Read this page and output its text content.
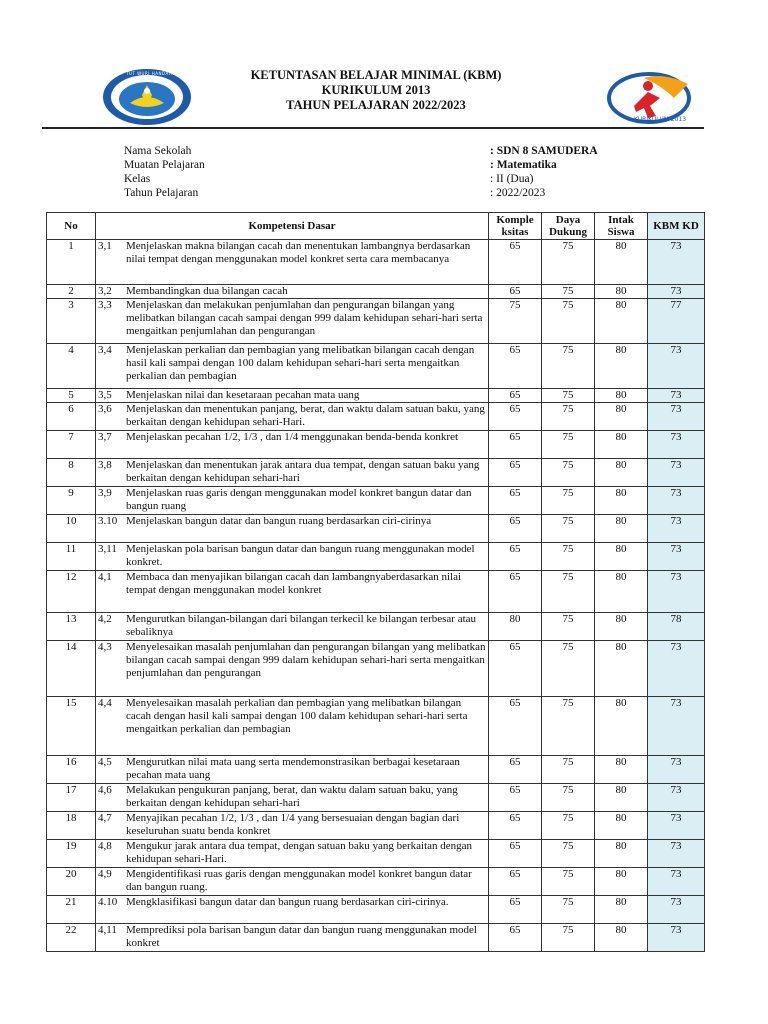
TUT WURI HANDAYANI	KETUNTASAN BELAJAR MINIMAL (KBM)
KURIKULUM 2013
TAHUN PELAJARAN 2022/2023
KURIKULUM 2013
Nama Sekolah	: SDN 8 SAMUDERA
Muatan Pelajaran	: Matematika
Kelas	: II (Dua)
Tahun Pelajaran	: 2022/2023
No	Kompetensi Dasar	Komple ksitas	Daya Dukung	Intak Siswa	KBM KD
1	3,1 Menjelaskan makna bilangan cacah dan menentukan lambangnya berdasarkan nilai tempat dengan menggunakan model konkret serta cara membacanya	65	75	80	73
2	3,2 Membandingkan dua bilangan cacah	65	75	80	73
3	3,3 Menjelaskan dan melakukan penjumlahan dan pengurangan bilangan yang melibatkan bilangan cacah sampai dengan 999 dalam kehidupan sehari-hari serta mengaitkan penjumlahan dan pengurangan	75	75	80	77
4	3,4 Menjelaskan perkalian dan pembagian yang melibatkan bilangan cacah dengan hasil kali sampai dengan 100 dalam kehidupan sehari-hari serta mengaitkan perkalian dan pembagian	65	75	80	73
5	3,5 Menjelaskan nilai dan kesetaraan pecahan mata uang	65	75	80	73
6	3,6 Menjelaskan dan menentukan panjang, berat, dan waktu dalam satuan baku, yang berkaitan dengan kehidupan sehari-Hari.	65	75	80	73
7	3,7 Menjelaskan pecahan 1/2, 1/3 , dan 1/4 menggunakan benda-benda konkret	65	75	80	73
8	3,8 Menjelaskan dan menentukan jarak antara dua tempat, dengan satuan baku yang berkaitan dengan kehidupan sehari-hari	65	75	80	73
9	3,9 Menjelaskan ruas garis dengan menggunakan model konkret bangun datar dan bangun ruang	65	75	80	73
10	3.10 Menjelaskan bangun datar dan bangun ruang berdasarkan ciri-cirinya	65	75	80	73
11	3,11 Menjelaskan pola barisan bangun datar dan bangun ruang menggunakan model konkret.	65	75	80	73
12	4,1 Membaca dan menyajikan bilangan cacah dan lambangnyaberdasarkan nilai tempat dengan menggunakan model konkret	65	75	80	73
13	4,2 Mengurutkan bilangan-bilangan dari bilangan terkecil ke bilangan terbesar atau sebaliknya	80	75	80	78
14	4,3 Menyelesaikan masalah penjumlahan dan pengurangan bilangan yang melibatkan bilangan cacah sampai dengan 999 dalam kehidupan sehari-hari serta mengaitkan penjumlahan dan pengurangan	65	75	80	73
15	4,4 Menyelesaikan masalah perkalian dan pembagian yang melibatkan bilangan cacah dengan hasil kali sampai dengan 100 dalam kehidupan sehari-hari serta mengaitkan perkalian dan pembagian	65	75	80	73
16	4,5 Mengurutkan nilai mata uang serta mendemonstrasikan berbagai kesetaraan pecahan mata uang	65	75	80	73
17	4,6 Melakukan pengukuran panjang, berat, dan waktu dalam satuan baku, yang berkaitan dengan kehidupan sehari-hari	65	75	80	73
18	4,7 Menyajikan pecahan 1/2, 1/3 , dan 1/4 yang bersesuaian dengan bagian dari keseluruhan suatu benda konkret	65	75	80	73
19	4,8 Mengukur jarak antara dua tempat, dengan satuan baku yang berkaitan dengan kehidupan sehari-Hari.	65	75	80	73
20	4,9 Mengidentifikasi ruas garis dengan menggunakan model konkret bangun datar dan bangun ruang.	65	75	80	73
21	4.10 Mengklasifikasi bangun datar dan bangun ruang berdasarkan ciri-cirinya.	65	75	80	73
22	4,11 Memprediksi pola barisan bangun datar dan bangun ruang menggunakan model konkret	65	75	80	73
